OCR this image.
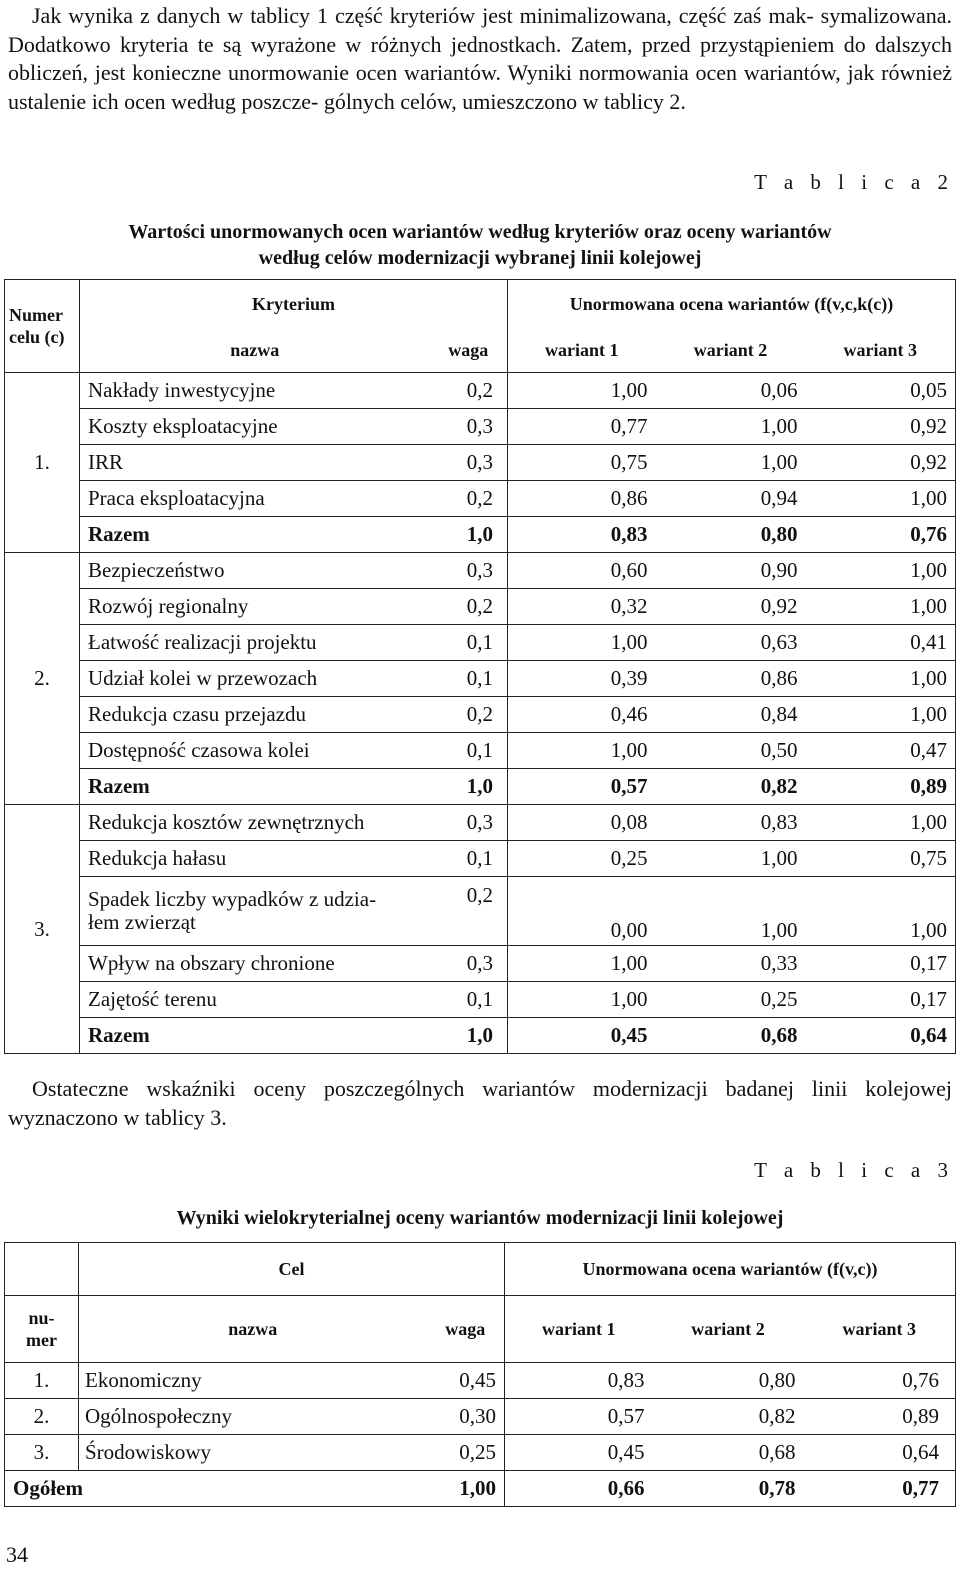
Jak wynika z danych w tablicy 1 część kryteriów jest minimalizowana, część zaś mak- symalizowana. Dodatkowo kryteria te są wyrażone w różnych jednostkach. Zatem, przed przystąpieniem do dalszych obliczeń, jest konieczne unormowanie ocen wariantów. Wyniki normowania ocen wariantów, jak również ustalenie ich ocen według poszcze- gólnych celów, umieszczono w tablicy 2.

T a b l i c a 2

Wartości unormowanych ocen wariantów według kryteriów oraz oceny wariantów
według celów modernizacji wybranej linii kolejowej

Numer
celu (c)	Kryterium		Unormowana ocena wariantów (f(v,c,k(c))		
	nazwa	waga	wariant 1	wariant 2	wariant 3
1.	Nakłady inwestycyjne	0,2	1,00	0,06	0,05
	Koszty eksploatacyjne	0,3	0,77	1,00	0,92
	IRR	0,3	0,75	1,00	0,92
	Praca eksploatacyjna	0,2	0,86	0,94	1,00
	Razem	1,0	0,83	0,80	0,76
2.	Bezpieczeństwo	0,3	0,60	0,90	1,00
	Rozwój regionalny	0,2	0,32	0,92	1,00
	Łatwość realizacji projektu	0,1	1,00	0,63	0,41
	Udział kolei w przewozach	0,1	0,39	0,86	1,00
	Redukcja czasu przejazdu	0,2	0,46	0,84	1,00
	Dostępność czasowa kolei	0,1	1,00	0,50	0,47
	Razem	1,0	0,57	0,82	0,89
3.	Redukcja kosztów zewnętrznych	0,3	0,08	0,83	1,00
	Redukcja hałasu	0,1	0,25	1,00	0,75
	Spadek liczby wypadków z udzia-
łem zwierząt	0,2	0,00	1,00	1,00
	Wpływ na obszary chronione	0,3	1,00	0,33	0,17
	Zajętość terenu	0,1	1,00	0,25	0,17
	Razem	1,0	0,45	0,68	0,64

Ostateczne wskaźniki oceny poszczególnych wariantów modernizacji badanej linii kolejowej wyznaczono w tablicy 3.

T a b l i c a 3

Wyniki wielokryterialnej oceny wariantów modernizacji linii kolejowej

	Cel		Unormowana ocena wariantów (f(v,c))		
nu-
mer	nazwa	waga	wariant 1	wariant 2	wariant 3
1.	Ekonomiczny	0,45	0,83	0,80	0,76
2.	Ogólnospołeczny	0,30	0,57	0,82	0,89
3.	Środowiskowy	0,25	0,45	0,68	0,64
Ogółem		1,00	0,66	0,78	0,77
34
